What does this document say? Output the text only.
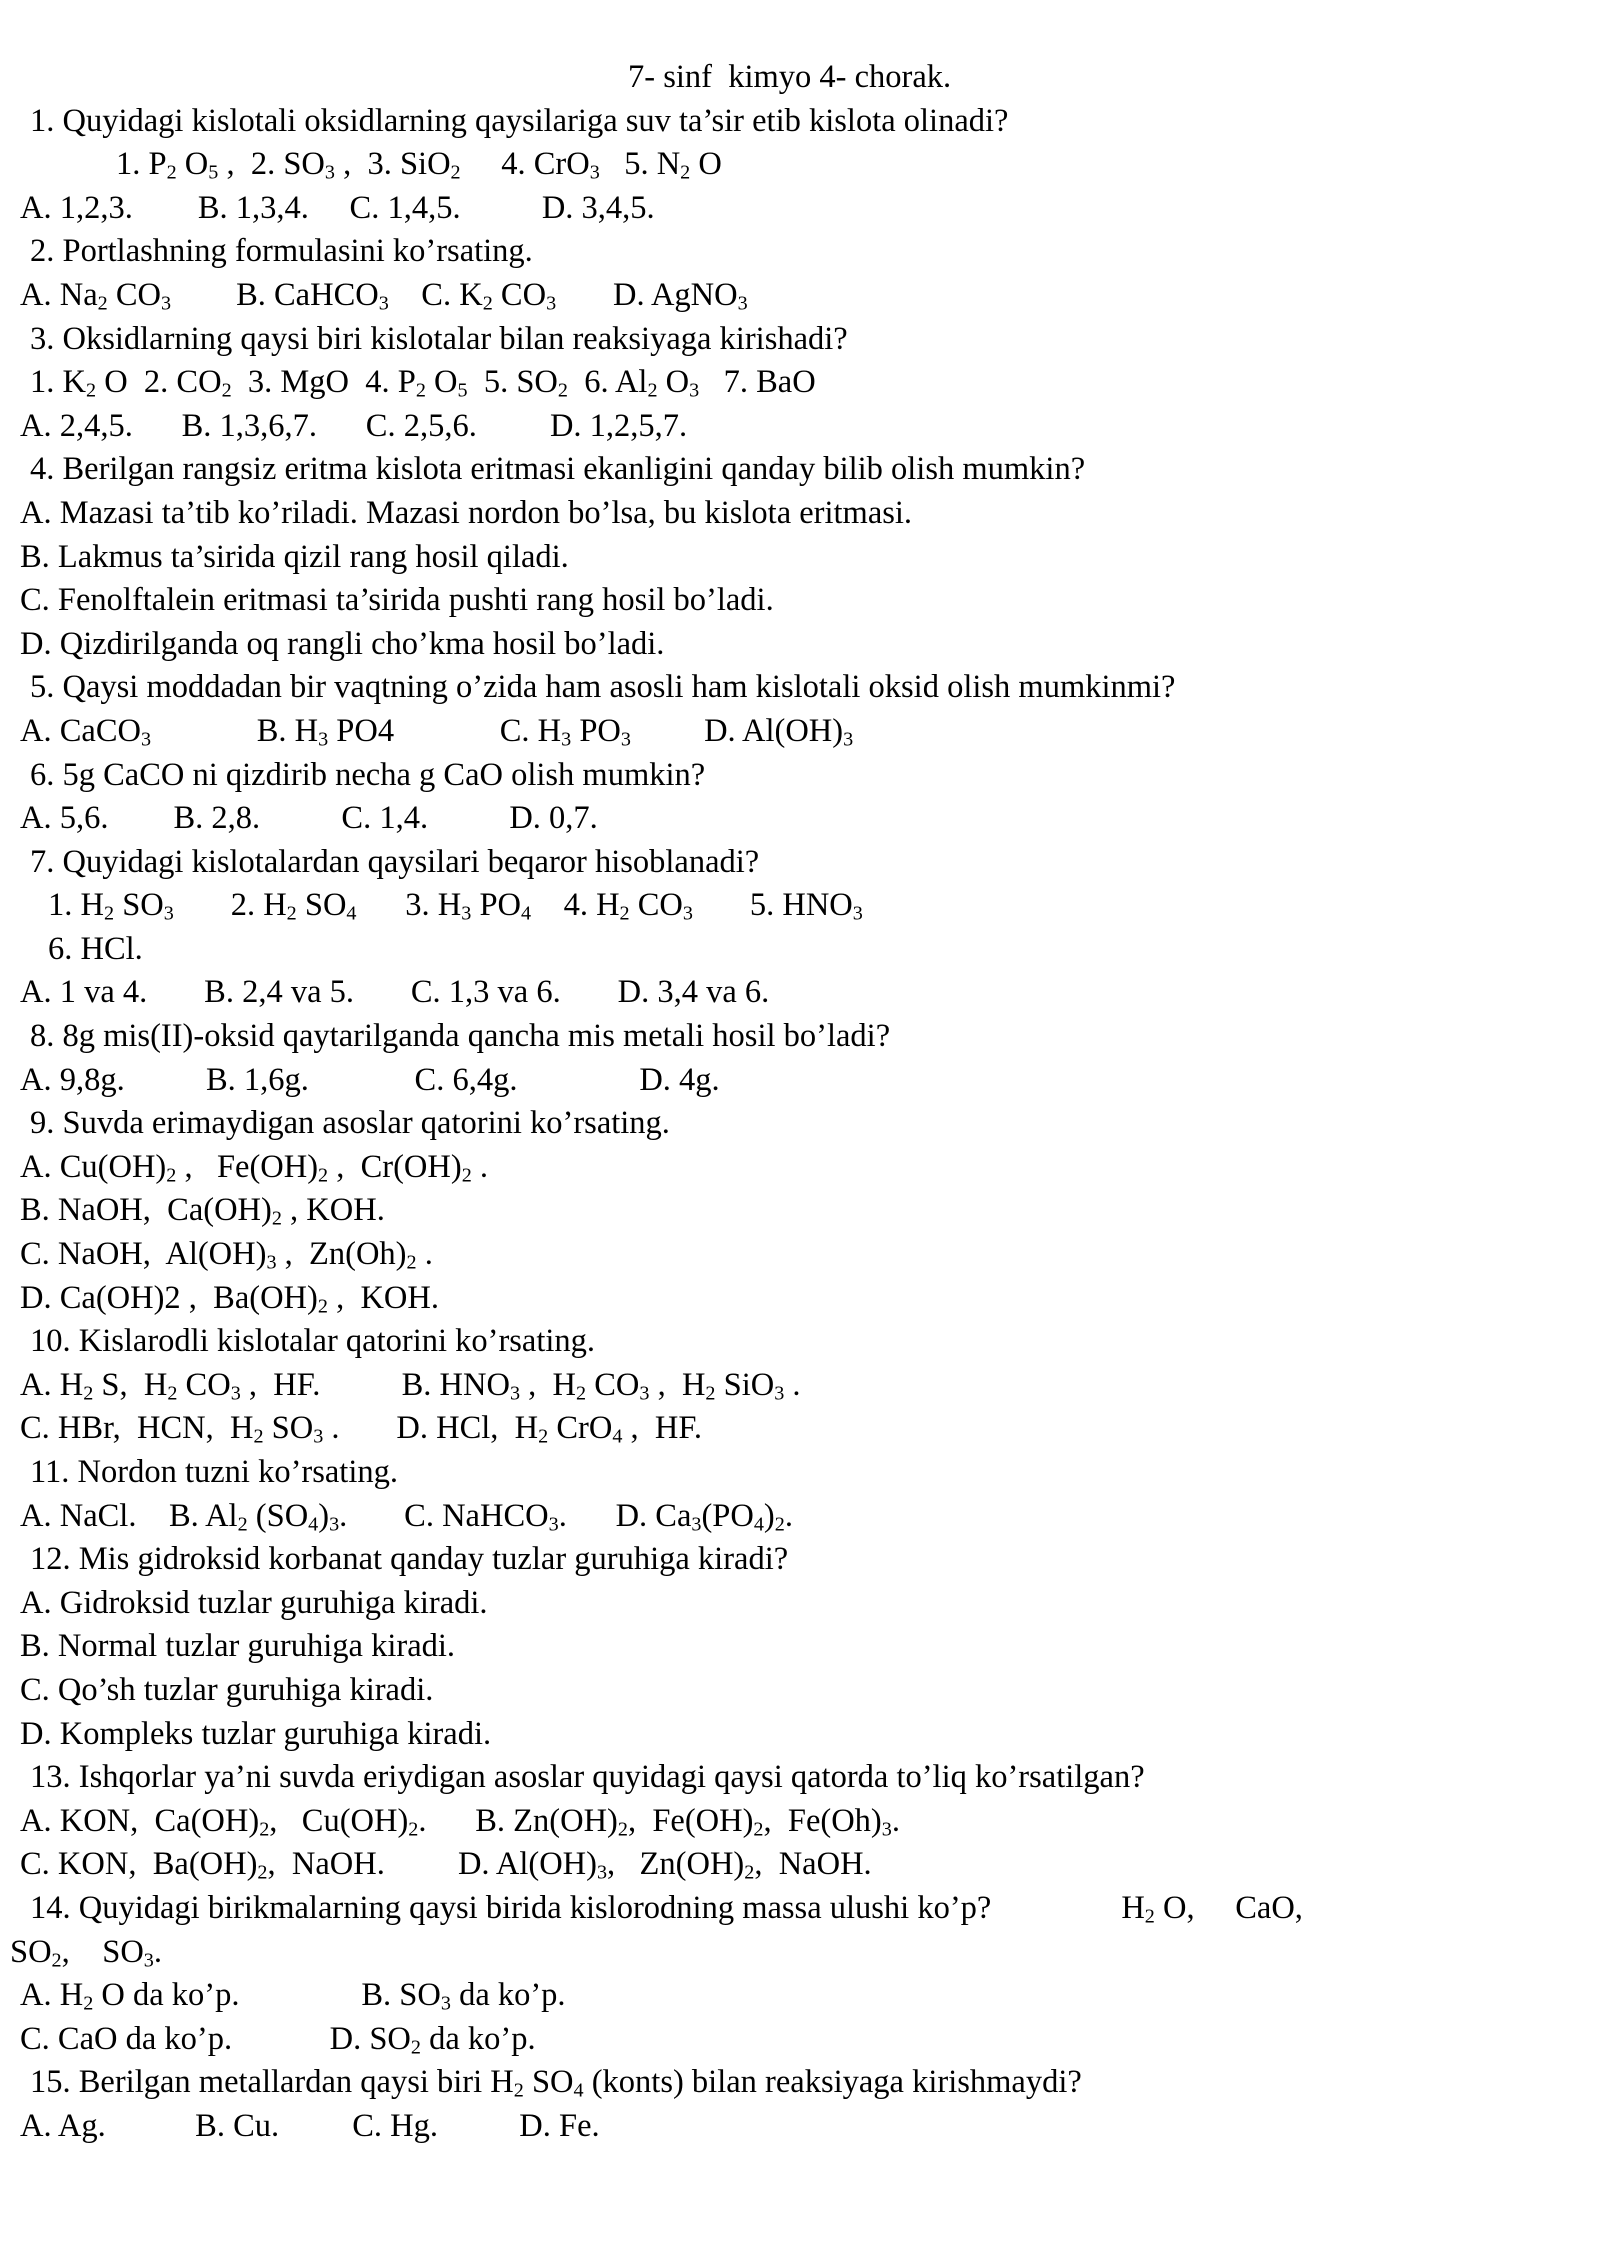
7- sinf  kimyo 4- chorak.
1. Quyidagi kislotali oksidlarning qaysilariga suv ta’sir etib kislota olinadi?
1. $P_2$ $O_5$ ,  2. $SO_3$ ,  3. SiO$_2$     4. CrO$_3$   5. $N_2$ O
A. 1,2,3.        B. 1,3,4.     C. 1,4,5.          D. 3,4,5.
2. Portlashning formulasini ko’rsating.
A. $Na_2$ $CO_3$        B. CaHCO$_3$    C. $K_2$ $CO_3$       D. AgNO$_3$
3. Oksidlarning qaysi biri kislotalar bilan reaksiyaga kirishadi?
1. $K_2$ O  2. $CO_2$  3. MgO  4. $P_2$ $O_5$  5. $SO_2$  6. $Al_2$ $O_3$   7. BaO
A. 2,4,5.      B. 1,3,6,7.      C. 2,5,6.         D. 1,2,5,7.
4. Berilgan rangsiz eritma kislota eritmasi ekanligini qanday bilib olish mumkin?
A. Mazasi ta’tib ko’riladi. Mazasi nordon bo’lsa, bu kislota eritmasi.
B. Lakmus ta’sirida qizil rang hosil qiladi.
C. Fenolftalein eritmasi ta’sirida pushti rang hosil bo’ladi.
D. Qizdirilganda oq rangli cho’kma hosil bo’ladi.
5. Qaysi moddadan bir vaqtning o’zida ham asosli ham kislotali oksid olish mumkinmi?
A. CaCO$_3$             B. $H_3$ PO4             C. $H_3$ $PO_3$         D. $Al(OH)_3$
6. 5g CaCO ni qizdirib necha g CaO olish mumkin?
A. 5,6.        B. 2,8.          C. 1,4.          D. 0,7.
7. Quyidagi kislotalardan qaysilari beqaror hisoblanadi?
1. $H_2$ $SO_3$       2. $H_2$ $SO_4$      3. $H_3$ $PO_4$    4. $H_2$ $CO_3$       5. $HNO_3$
6. HCl.
A. 1 va 4.       B. 2,4 va 5.       C. 1,3 va 6.       D. 3,4 va 6.
8. 8g mis(II)-oksid qaytarilganda qancha mis metali hosil bo’ladi?
A. 9,8g.          B. 1,6g.             C. 6,4g.               D. 4g.
9. Suvda erimaydigan asoslar qatorini ko’rsating.
A. $Cu(OH)_2$ ,   $Fe(OH)_2$ ,  $Cr(OH)_2$ .
B. NaOH,  $Ca(OH)_2$ , KOH.
C. NaOH,  $Al(OH)_3$ ,  $Zn(Oh)_2$ .
D. Ca(OH)2 ,  $Ba(OH)_2$ ,  KOH.
10. Kislarodli kislotalar qatorini ko’rsating.
A. $H_2$ S,  $H_2$ $CO_3$ ,  HF.          B. $HNO_3$ ,  $H_2$ $CO_3$ ,  $H_2$ SiO$_3$ .
C. HBr,  HCN,  $H_2$ $SO_3$ .       D. HCl,  $H_2$ CrO$_4$ ,  HF.
11. Nordon tuzni ko’rsating.
A. NaCl.    B. $Al_2$ $(SO_4)_3$.       C. NaHCO$_3$.      D. $Ca_3(PO_4)_2$.
12. Mis gidroksid korbanat qanday tuzlar guruhiga kiradi?
A. Gidroksid tuzlar guruhiga kiradi.
B. Normal tuzlar guruhiga kiradi.
C. Qo’sh tuzlar guruhiga kiradi.
D. Kompleks tuzlar guruhiga kiradi.
13. Ishqorlar ya’ni suvda eriydigan asoslar quyidagi qaysi qatorda to’liq ko’rsatilgan?
A. KON,  $Ca(OH)_2$,   $Cu(OH)_2$.      B. $Zn(OH)_2$,  $Fe(OH)_2$,  $Fe(Oh)_3$.
C. KON,  $Ba(OH)_2$,  NaOH.         D. $Al(OH)_3$,   $Zn(OH)_2$,  NaOH.
14. Quyidagi birikmalarning qaysi birida kislorodning massa ulushi ko’p?                $H_2$ O,     CaO,
$SO_2$,    $SO_3$.
A. $H_2$ O da ko’p.               B. $SO_3$ da ko’p.
C. CaO da ko’p.            D. $SO_2$ da ko’p.
15. Berilgan metallardan qaysi biri $H_2$ $SO_4$ (konts) bilan reaksiyaga kirishmaydi?
A. Ag.           B. Cu.         C. Hg.          D. Fe.
